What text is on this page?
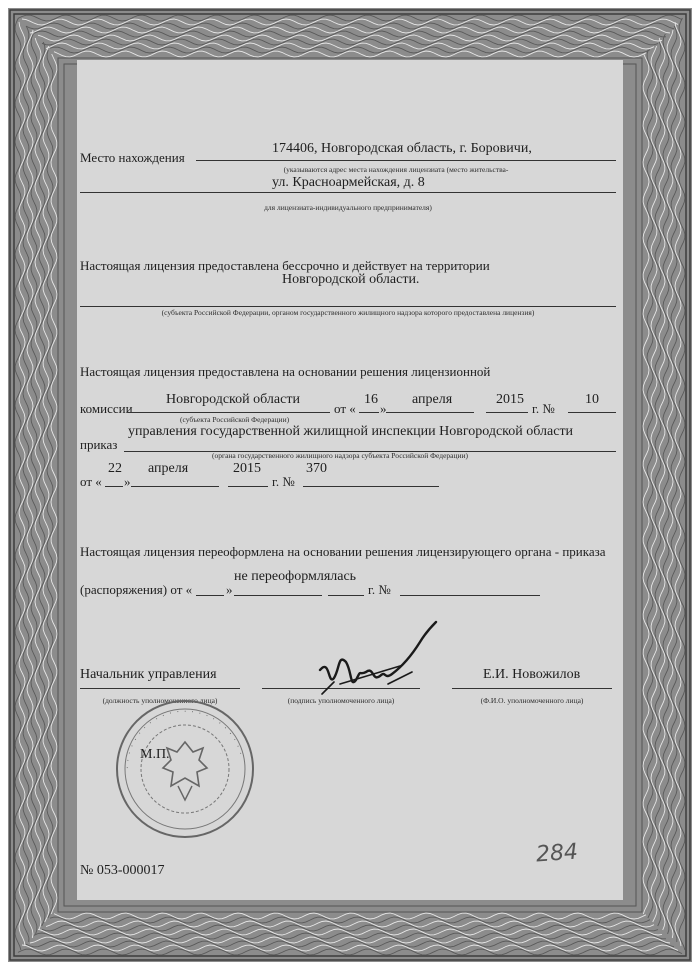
Место нахождения
174406, Новгородская область, г. Боровичи,
(указываются адрес места нахождения лицензиата (место жительства-
ул. Красноармейская, д. 8
для лицензиата-индивидуального предпринимателя)
Настоящая лицензия предоставлена бессрочно и действует на территории
Новгородской области.
(субъекта Российской Федерации, органом государственного жилищного надзора которого предоставлена лицензия)
Настоящая лицензия предоставлена на основании решения лицензионной
комиссии
Новгородской области
(субъекта Российской Федерации)
от «
16
»
апреля	2015
г. №
10
управления государственной жилищной инспекции Новгородской области
приказ
(органа государственного жилищного надзора субъекта Российской Федерации)
22 апреля	2015	370
от « »	г. №
Настоящая лицензия переоформлена на основании решения лицензирующего органа - приказа
не переоформлялась
(распоряжения) от «	»	г. №
Начальник управления
(должность уполномоченного лица)	(подпись уполномоченного лица)
Е.И. Новожилов
(Ф.И.О. уполномоченного лица)
· · · · · · · · · · · · · · · · · · · · · · ·
М.П.
№ 053-000017
284
